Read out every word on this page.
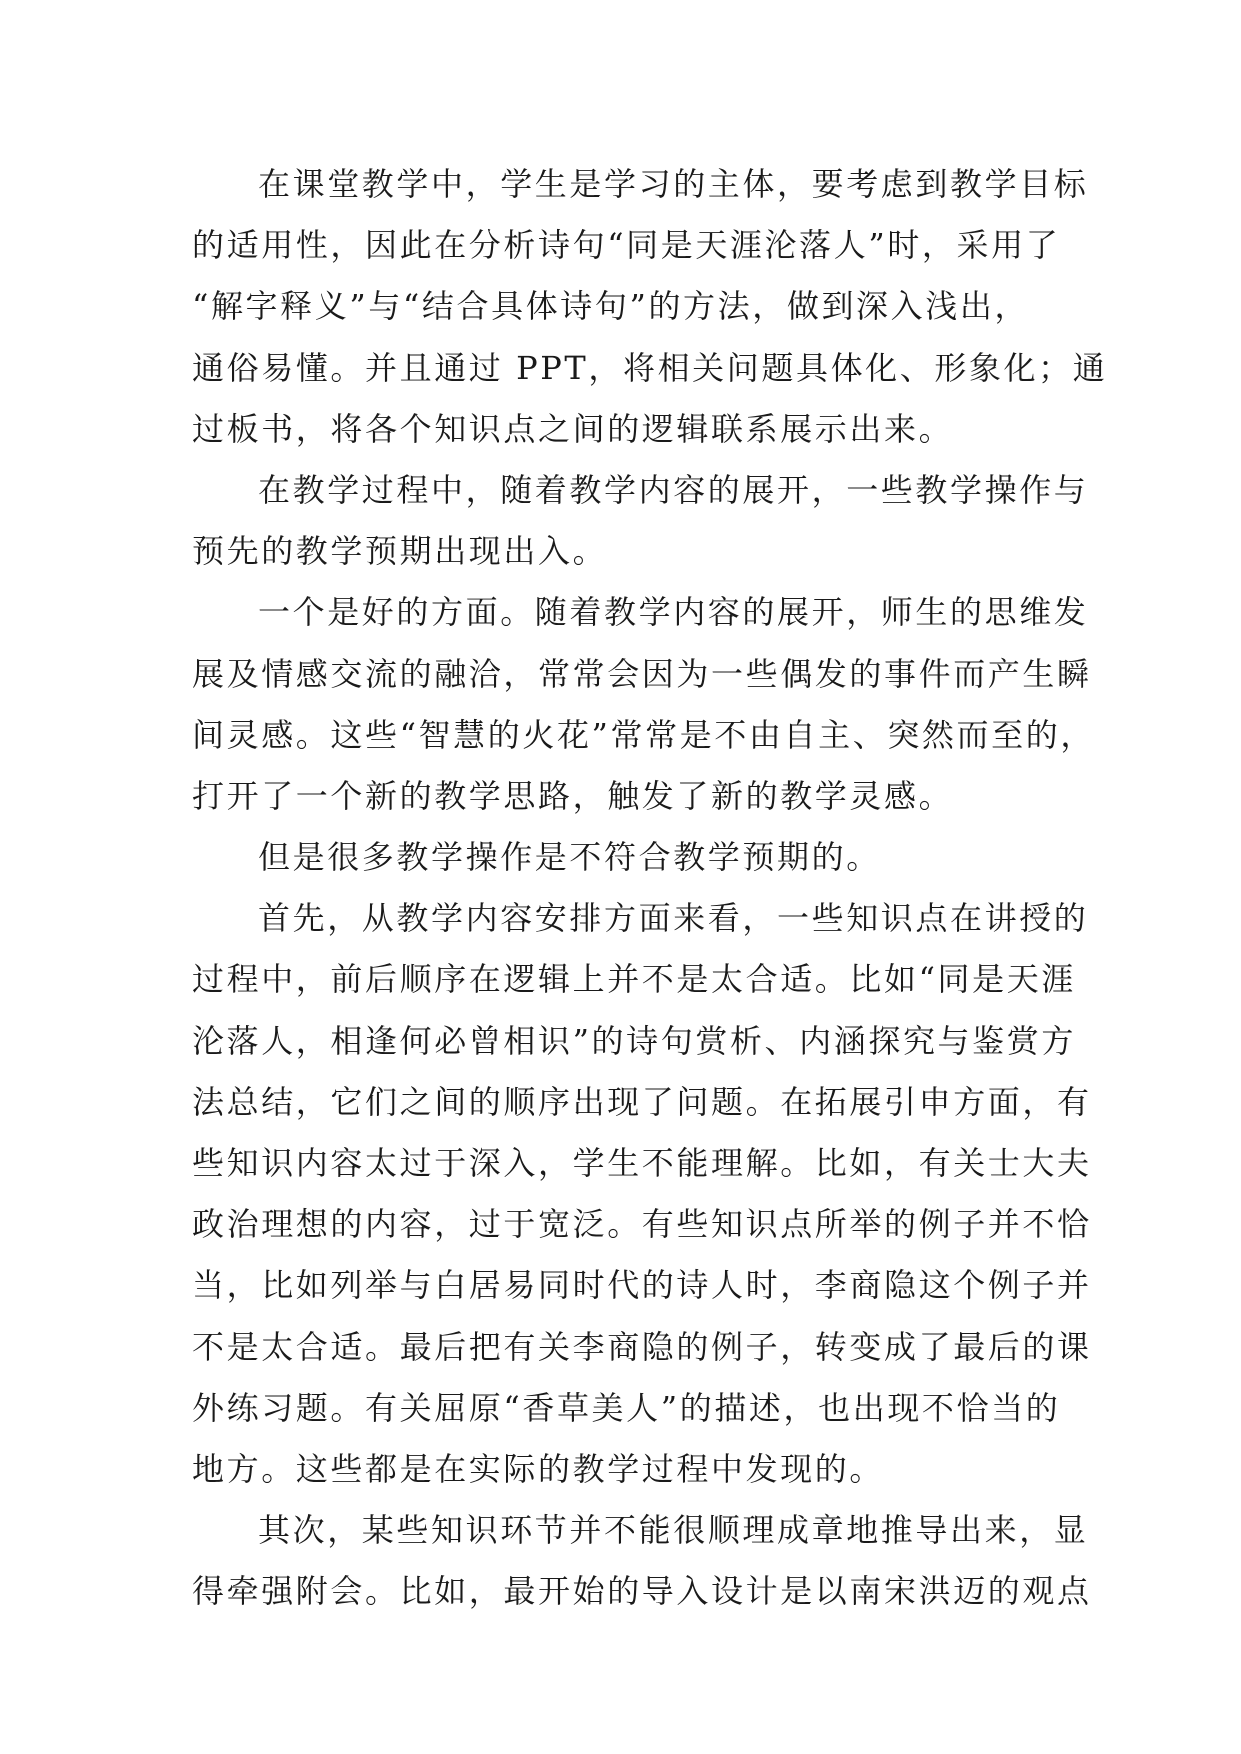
在课堂教学中，学生是学习的主体，要考虑到教学目标
的适用性，因此在分析诗句“同是天涯沦落人”时，采用了
“解字释义”与“结合具体诗句”的方法，做到深入浅出，
通俗易懂。并且通过 PPT，将相关问题具体化、形象化；通
过板书，将各个知识点之间的逻辑联系展示出来。
在教学过程中，随着教学内容的展开，一些教学操作与
预先的教学预期出现出入。
一个是好的方面。随着教学内容的展开，师生的思维发
展及情感交流的融洽，常常会因为一些偶发的事件而产生瞬
间灵感。这些“智慧的火花”常常是不由自主、突然而至的，
打开了一个新的教学思路，触发了新的教学灵感。
但是很多教学操作是不符合教学预期的。
首先，从教学内容安排方面来看，一些知识点在讲授的
过程中，前后顺序在逻辑上并不是太合适。比如“同是天涯
沦落人，相逢何必曾相识”的诗句赏析、内涵探究与鉴赏方
法总结，它们之间的顺序出现了问题。在拓展引申方面，有
些知识内容太过于深入，学生不能理解。比如，有关士大夫
政治理想的内容，过于宽泛。有些知识点所举的例子并不恰
当，比如列举与白居易同时代的诗人时，李商隐这个例子并
不是太合适。最后把有关李商隐的例子，转变成了最后的课
外练习题。有关屈原“香草美人”的描述，也出现不恰当的
地方。这些都是在实际的教学过程中发现的。
其次，某些知识环节并不能很顺理成章地推导出来，显
得牵强附会。比如，最开始的导入设计是以南宋洪迈的观点
